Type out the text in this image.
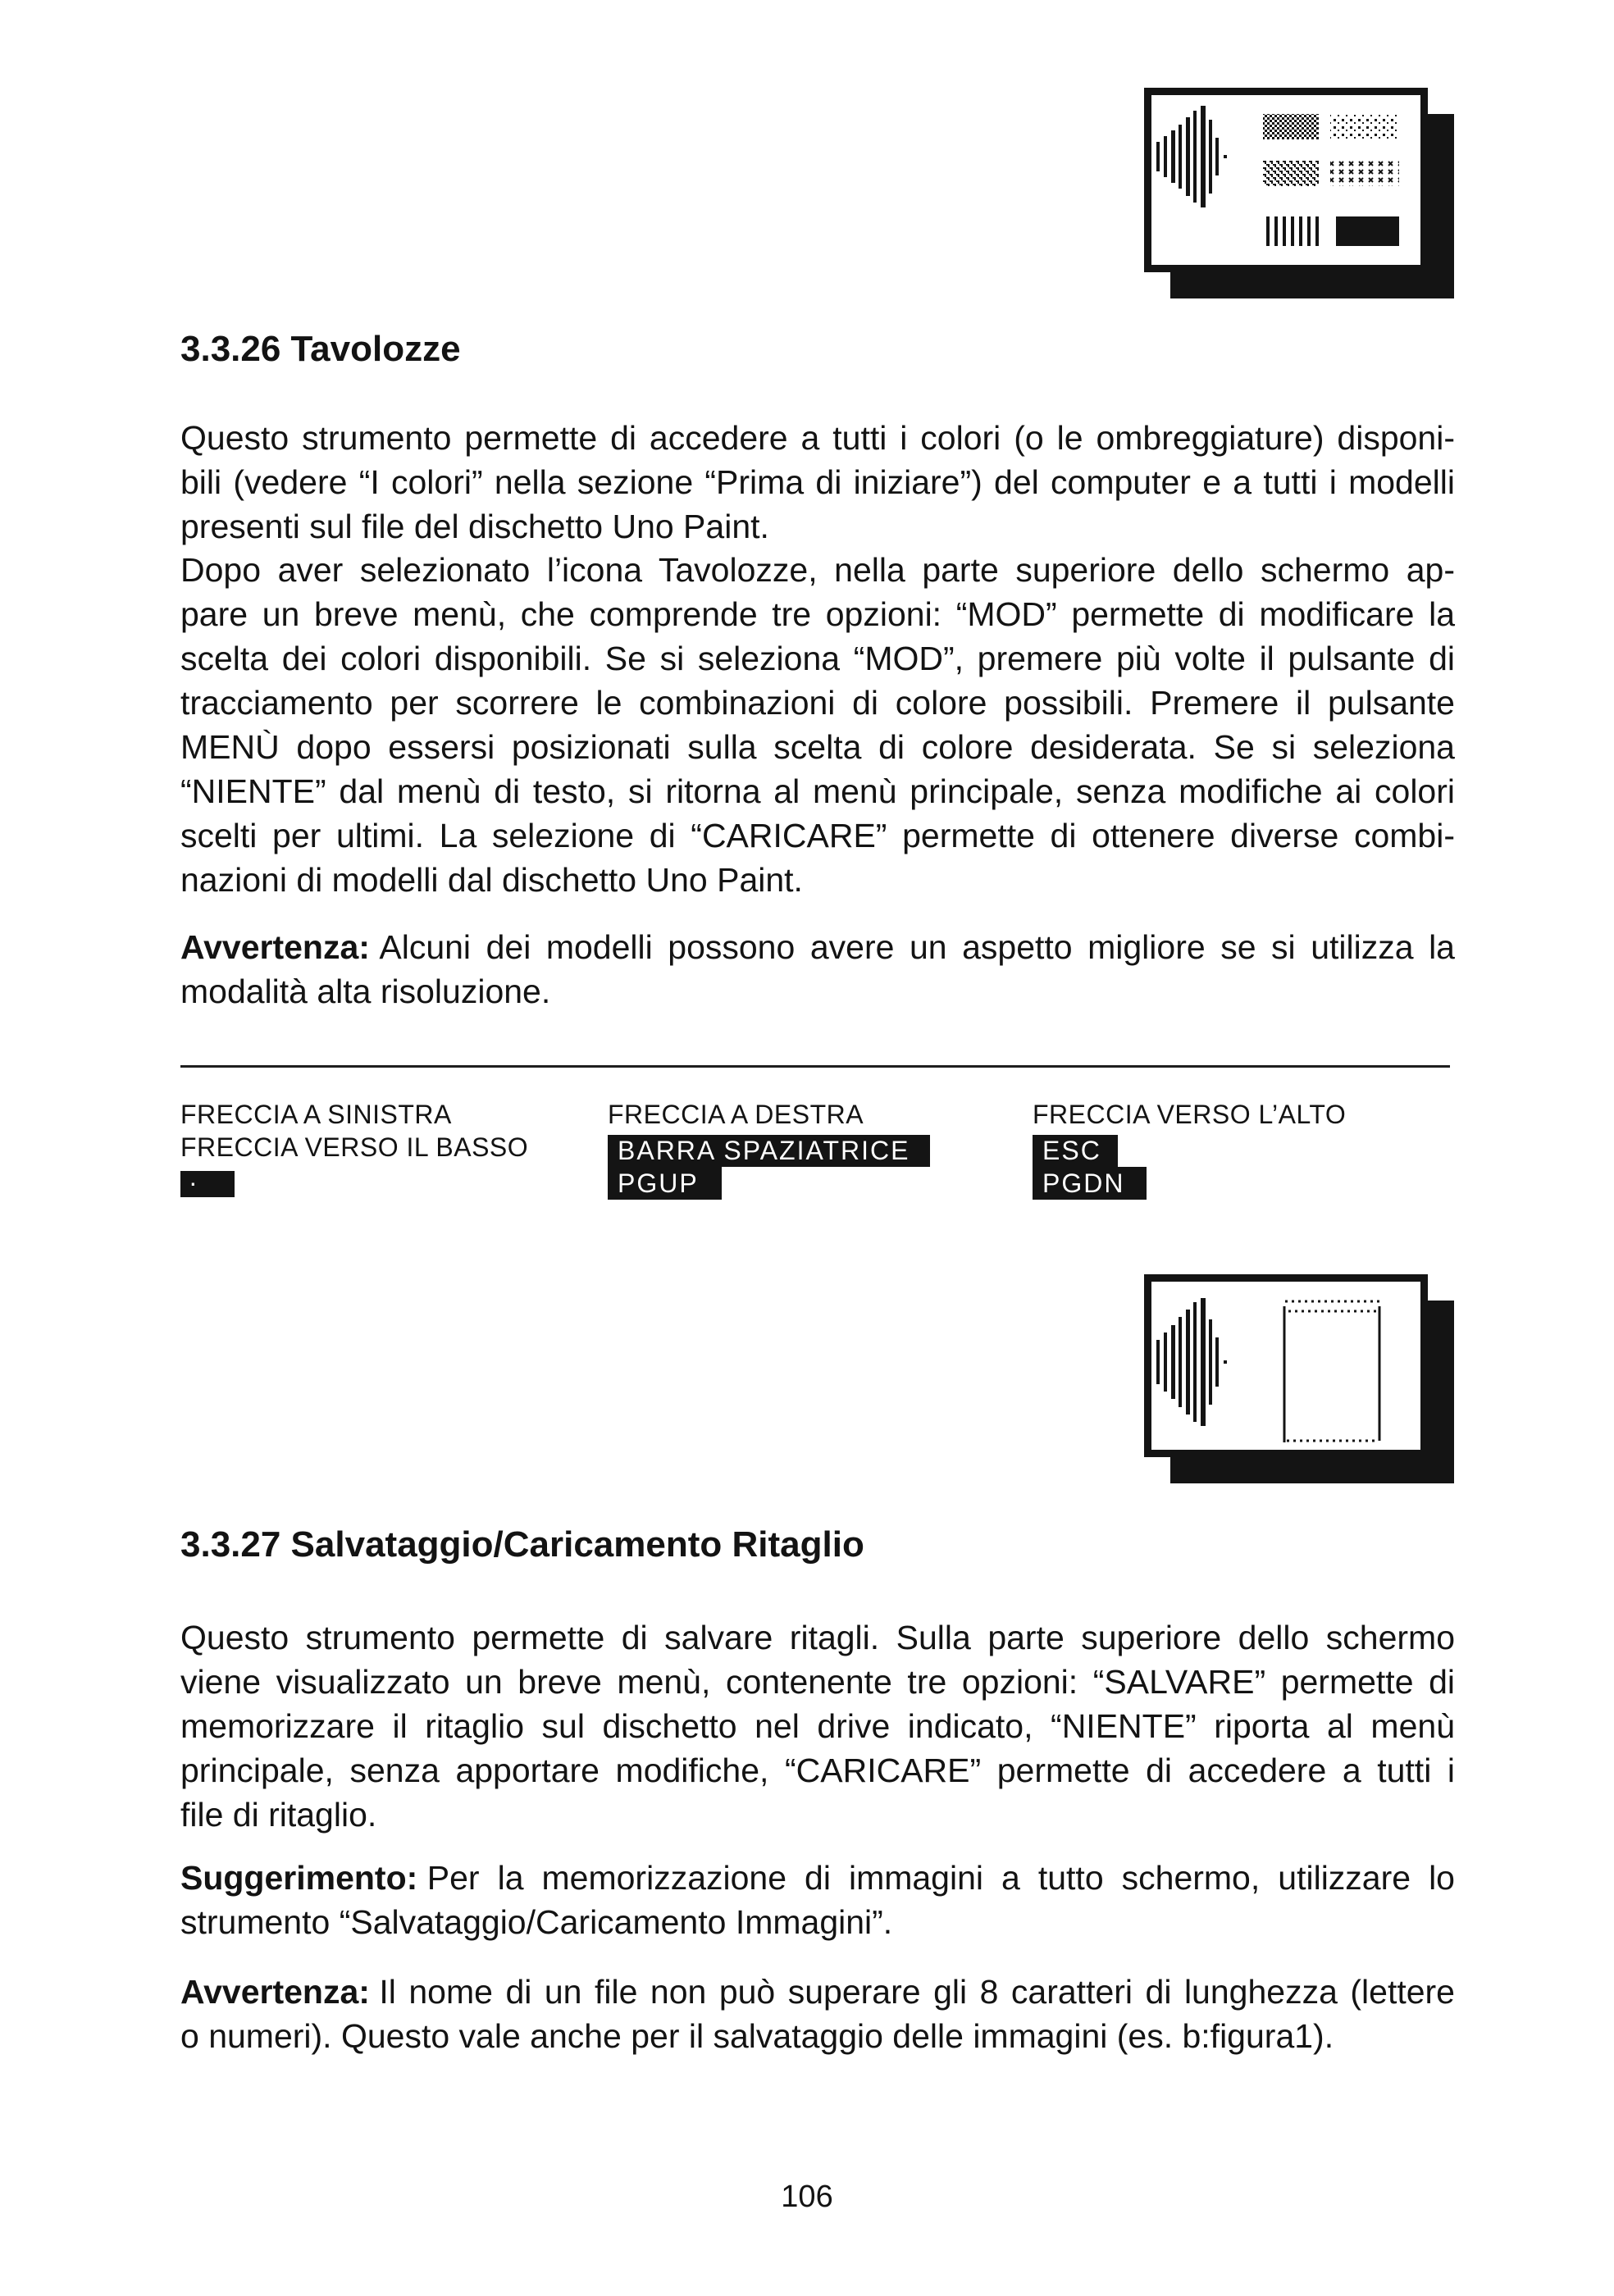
3.3.26 Tavolozze
Questo strumento permette di accedere a tutti i colori (o le ombreggiature) disponi-
bili (vedere “I colori” nella sezione “Prima di iniziare”) del computer e a tutti i modelli
presenti sul file del dischetto Uno Paint.
Dopo aver selezionato l’icona Tavolozze, nella parte superiore dello schermo ap-
pare un breve menù, che comprende tre opzioni: “MOD” permette di modificare la
scelta dei colori disponibili. Se si seleziona “MOD”, premere più volte il pulsante di
tracciamento per scorrere le combinazioni di colore possibili. Premere il pulsante
MENÙ dopo essersi posizionati sulla scelta di colore desiderata. Se si seleziona
“NIENTE” dal menù di testo, si ritorna al menù principale, senza modifiche ai colori
scelti per ultimi. La selezione di “CARICARE” permette di ottenere diverse combi-
nazioni di modelli dal dischetto Uno Paint.
Avvertenza: Alcuni dei modelli possono avere un aspetto migliore se si utilizza la
modalità alta risoluzione.
FRECCIA A SINISTRA
FRECCIA VERSO IL BASSO
·
FRECCIA A DESTRA
BARRA SPAZIATRICE
PGUP
FRECCIA VERSO L’ALTO
ESC
PGDN
3.3.27 Salvataggio/Caricamento Ritaglio
Questo strumento permette di salvare ritagli. Sulla parte superiore dello schermo
viene visualizzato un breve menù, contenente tre opzioni: “SALVARE” permette di
memorizzare il ritaglio sul dischetto nel drive indicato, “NIENTE” riporta al menù
principale, senza apportare modifiche, “CARICARE” permette di accedere a tutti i
file di ritaglio.
Suggerimento: Per la memorizzazione di immagini a tutto schermo, utilizzare lo
strumento “Salvataggio/Caricamento Immagini”.
Avvertenza: Il nome di un file non può superare gli 8 caratteri di lunghezza (lettere
o numeri). Questo vale anche per il salvataggio delle immagini (es. b:figura1).
106
